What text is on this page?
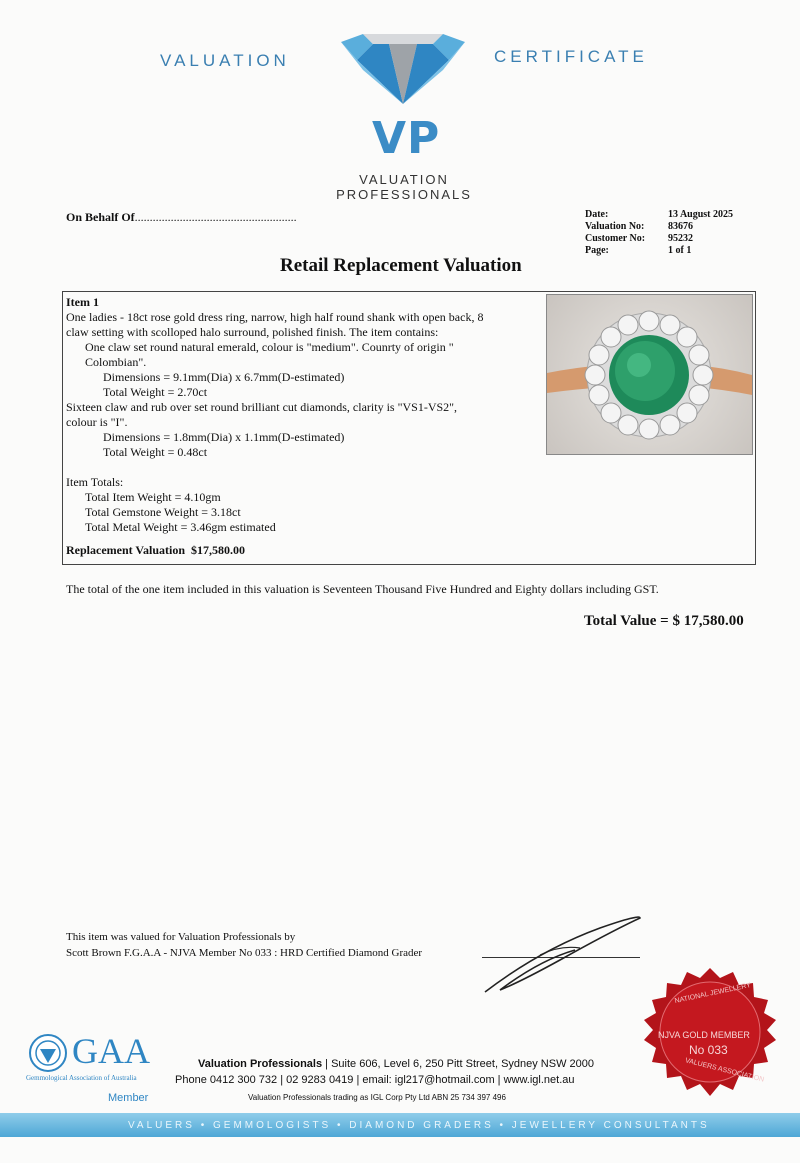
VALUATION	CERTIFICATE
VP
VALUATION
PROFESSIONALS
On Behalf Of......................................................	Date:
Valuation No:
Customer No:
Page:
13 August 2025
83676
95232
1 of 1
Retail Replacement Valuation
Item 1
One ladies - 18ct rose gold dress ring, narrow, high half round shank with open back, 8
claw setting with scolloped halo surround, polished finish. The item contains:
One claw set round natural emerald, colour is "medium". Counrty of origin "
Colombian".
Dimensions = 9.1mm(Dia) x 6.7mm(D-estimated)
Total Weight = 2.70ct
Sixteen claw and rub over set round brilliant cut diamonds, clarity is "VS1-VS2",
colour is "I".
Dimensions = 1.8mm(Dia) x 1.1mm(D-estimated)
Total Weight = 0.48ct
Item Totals:
Total Item Weight = 4.10gm
Total Gemstone Weight = 3.18ct
Total Metal Weight = 3.46gm estimated
Replacement Valuation $17,580.00
The total of the one item included in this valuation is Seventeen Thousand Five Hundred and Eighty dollars including GST.
Total Value = $ 17,580.00
This item was valued for Valuation Professionals by
Scott Brown F.G.A.A - NJVA Member No 033 : HRD Certified Diamond Grader
GAA
Gemmological Association of Australia
Member
Valuation Professionals | Suite 606, Level 6, 250 Pitt Street, Sydney NSW 2000
Phone 0412 300 732 | 02 9283 0419 | email: igl217@hotmail.com | www.igl.net.au
Valuation Professionals trading as IGL Corp Pty Ltd ABN 25 734 397 496
NATIONAL JEWELLERY
NJVA GOLD MEMBER
No 033
VALUERS ASSOCIATION
VALUERS • GEMMOLOGISTS • DIAMOND GRADERS • JEWELLERY CONSULTANTS
